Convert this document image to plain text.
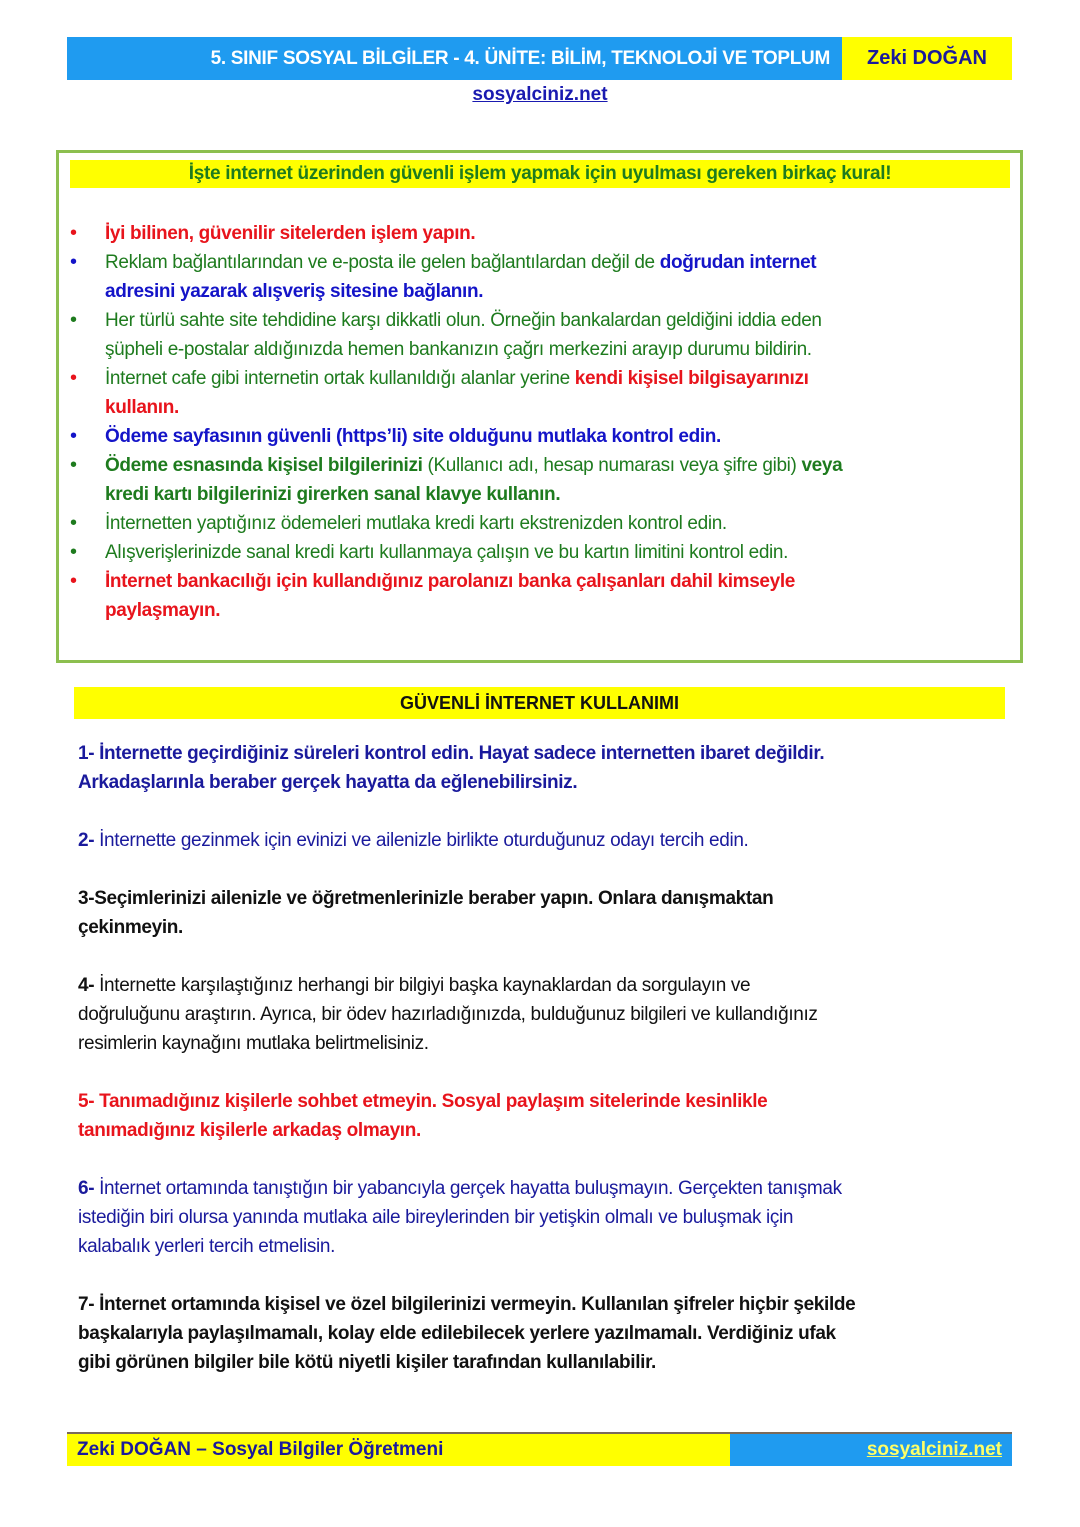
5. SINIF SOSYAL BİLGİLER - 4. ÜNİTE: BİLİM, TEKNOLOJİ VE TOPLUM	Zeki DOĞAN
sosyalciniz.net
İşte internet üzerinden güvenli işlem yapmak için uyulması gereken birkaç kural!
• İyi bilinen, güvenilir sitelerden işlem yapın.
• Reklam bağlantılarından ve e-posta ile gelen bağlantılardan değil de doğrudan internet
adresini yazarak alışveriş sitesine bağlanın.
• Her türlü sahte site tehdidine karşı dikkatli olun. Örneğin bankalardan geldiğini iddia eden
şüpheli e-postalar aldığınızda hemen bankanızın çağrı merkezini arayıp durumu bildirin.
• İnternet cafe gibi internetin ortak kullanıldığı alanlar yerine kendi kişisel bilgisayarınızı
kullanın.
• Ödeme sayfasının güvenli (https’li) site olduğunu mutlaka kontrol edin.
• Ödeme esnasında kişisel bilgilerinizi (Kullanıcı adı, hesap numarası veya şifre gibi) veya
kredi kartı bilgilerinizi girerken sanal klavye kullanın.
• İnternetten yaptığınız ödemeleri mutlaka kredi kartı ekstrenizden kontrol edin.
• Alışverişlerinizde sanal kredi kartı kullanmaya çalışın ve bu kartın limitini kontrol edin.
• İnternet bankacılığı için kullandığınız parolanızı banka çalışanları dahil kimseyle
paylaşmayın.
GÜVENLİ İNTERNET KULLANIMI
1- İnternette geçirdiğiniz süreleri kontrol edin. Hayat sadece internetten ibaret değildir.
Arkadaşlarınla beraber gerçek hayatta da eğlenebilirsiniz.
2- İnternette gezinmek için evinizi ve ailenizle birlikte oturduğunuz odayı tercih edin.
3-Seçimlerinizi ailenizle ve öğretmenlerinizle beraber yapın. Onlara danışmaktan
çekinmeyin.
4- İnternette karşılaştığınız herhangi bir bilgiyi başka kaynaklardan da sorgulayın ve
doğruluğunu araştırın. Ayrıca, bir ödev hazırladığınızda, bulduğunuz bilgileri ve kullandığınız
resimlerin kaynağını mutlaka belirtmelisiniz.
5- Tanımadığınız kişilerle sohbet etmeyin. Sosyal paylaşım sitelerinde kesinlikle
tanımadığınız kişilerle arkadaş olmayın.
6- İnternet ortamında tanıştığın bir yabancıyla gerçek hayatta buluşmayın. Gerçekten tanışmak
istediğin biri olursa yanında mutlaka aile bireylerinden bir yetişkin olmalı ve buluşmak için
kalabalık yerleri tercih etmelisin.
7- İnternet ortamında kişisel ve özel bilgilerinizi vermeyin. Kullanılan şifreler hiçbir şekilde
başkalarıyla paylaşılmamalı, kolay elde edilebilecek yerlere yazılmamalı. Verdiğiniz ufak
gibi görünen bilgiler bile kötü niyetli kişiler tarafından kullanılabilir.
Zeki DOĞAN – Sosyal Bilgiler Öğretmeni	sosyalciniz.net
